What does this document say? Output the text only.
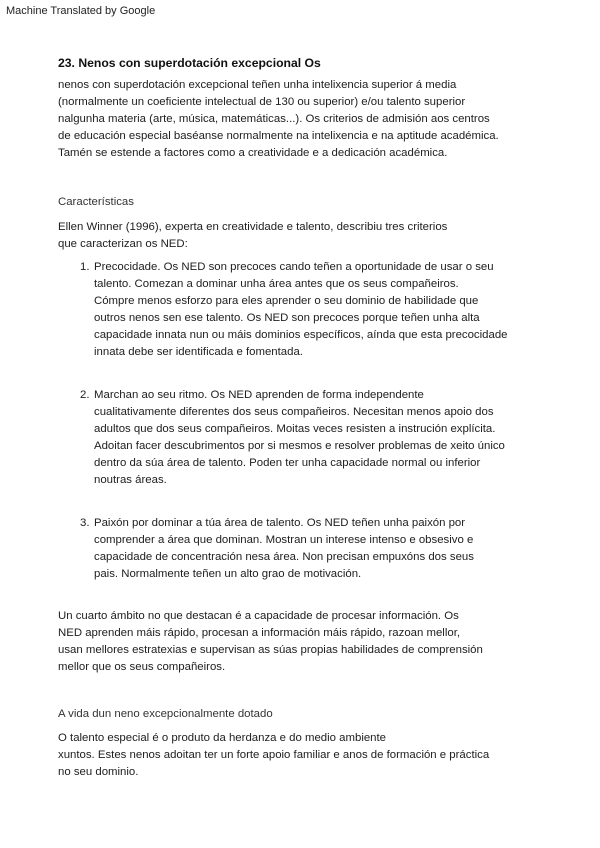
Machine Translated by Google
23. Nenos con superdotación excepcional Os

nenos con superdotación excepcional teñen unha intelixencia superior á media
(normalmente un coeficiente intelectual de 130 ou superior) e/ou talento superior
nalgunha materia (arte, música, matemáticas...). Os criterios de admisión aos centros
de educación especial baséanse normalmente na intelixencia e na aptitude académica.
Tamén se estende a factores como a creatividade e a dedicación académica.

Características

Ellen Winner (1996), experta en creatividade e talento, describiu tres criterios
que caracterizan os NED:

1. Precocidade. Os NED son precoces cando teñen a oportunidade de usar o seu
talento. Comezan a dominar unha área antes que os seus compañeiros.
Cómpre menos esforzo para eles aprender o seu dominio de habilidade que
outros nenos sen ese talento. Os NED son precoces porque teñen unha alta
capacidade innata nun ou máis dominios específicos, aínda que esta precocidade
innata debe ser identificada e fomentada.
2. Marchan ao seu ritmo. Os NED aprenden de forma independente
cualitativamente diferentes dos seus compañeiros. Necesitan menos apoio dos
adultos que dos seus compañeiros. Moitas veces resisten a instrución explícita.
Adoitan facer descubrimentos por si mesmos e resolver problemas de xeito único
dentro da súa área de talento. Poden ter unha capacidade normal ou inferior
noutras áreas.
3. Paixón por dominar a túa área de talento. Os NED teñen unha paixón por
comprender a área que dominan. Mostran un interese intenso e obsesivo e
capacidade de concentración nesa área. Non precisan empuxóns dos seus
pais. Normalmente teñen un alto grao de motivación.

Un cuarto ámbito no que destacan é a capacidade de procesar información. Os
NED aprenden máis rápido, procesan a información máis rápido, razoan mellor,
usan mellores estratexias e supervisan as súas propias habilidades de comprensión
mellor que os seus compañeiros.

A vida dun neno excepcionalmente dotado

O talento especial é o produto da herdanza e do medio ambiente
xuntos. Estes nenos adoitan ter un forte apoio familiar e anos de formación e práctica
no seu dominio.
